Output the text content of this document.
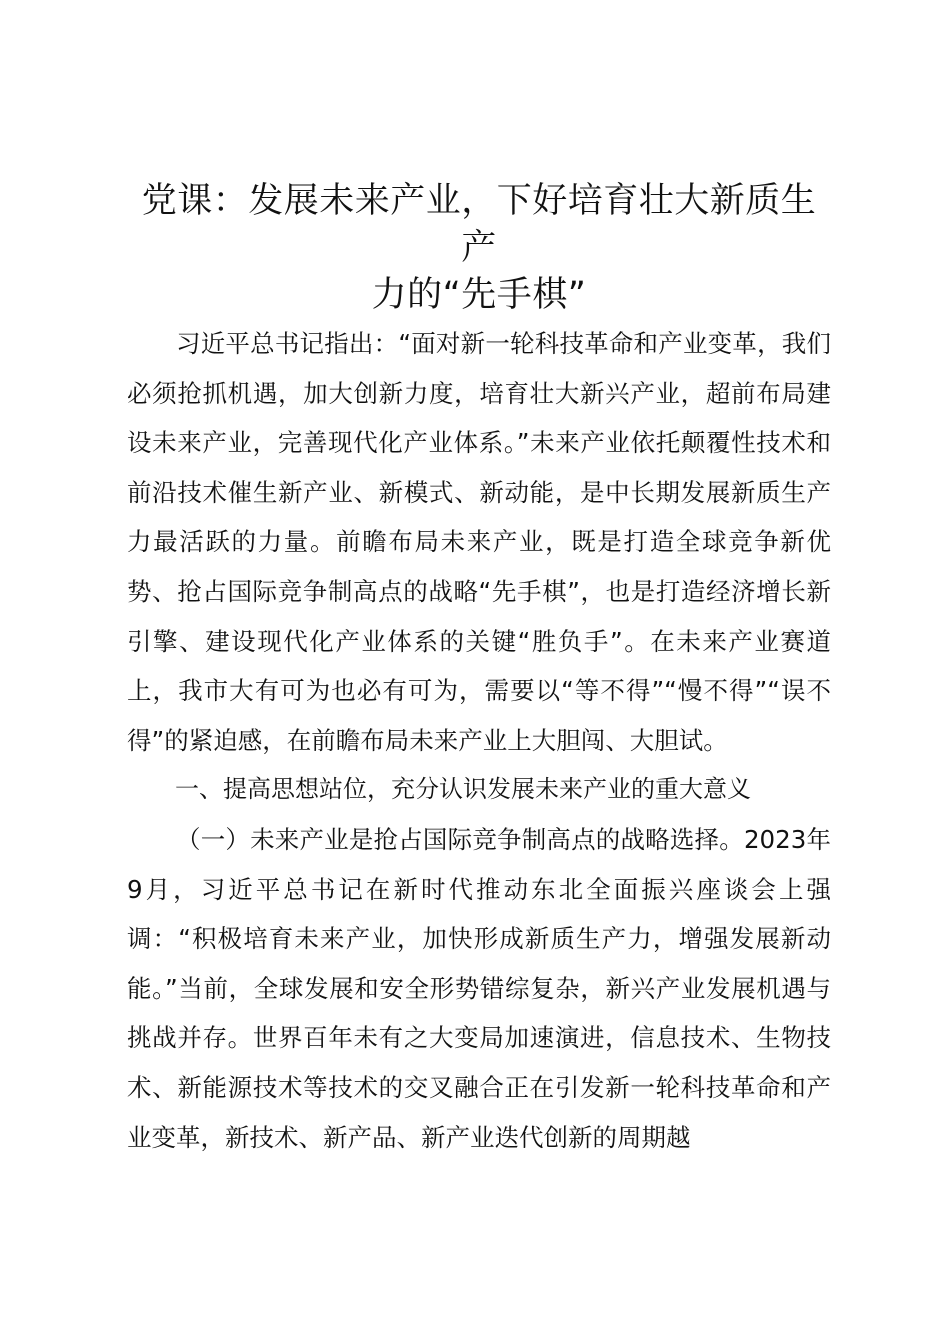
党课：发展未来产业，下好培育壮大新质生产
力的“先手棋”

习近平总书记指出：“面对新一轮科技革命和产业变革，我们必须抢抓机遇，加大创新力度，培育壮大新兴产业，超前布局建设未来产业，完善现代化产业体系。”未来产业依托颠覆性技术和前沿技术催生新产业、新模式、新动能，是中长期发展新质生产力最活跃的力量。前瞻布局未来产业，既是打造全球竞争新优势、抢占国际竞争制高点的战略“先手棋”，也是打造经济增长新引擎、建设现代化产业体系的关键“胜负手”。在未来产业赛道上，我市大有可为也必有可为，需要以“等不得”“慢不得”“误不得”的紧迫感，在前瞻布局未来产业上大胆闯、大胆试。

一、提高思想站位，充分认识发展未来产业的重大意义

（一）未来产业是抢占国际竞争制高点的战略选择。2023年9月，习近平总书记在新时代推动东北全面振兴座谈会上强调：“积极培育未来产业，加快形成新质生产力，增强发展新动能。”当前，全球发展和安全形势错综复杂，新兴产业发展机遇与挑战并存。世界百年未有之大变局加速演进，信息技术、生物技术、新能源技术等技术的交叉融合正在引发新一轮科技革命和产业变革，新技术、新产品、新产业迭代创新的周期越
